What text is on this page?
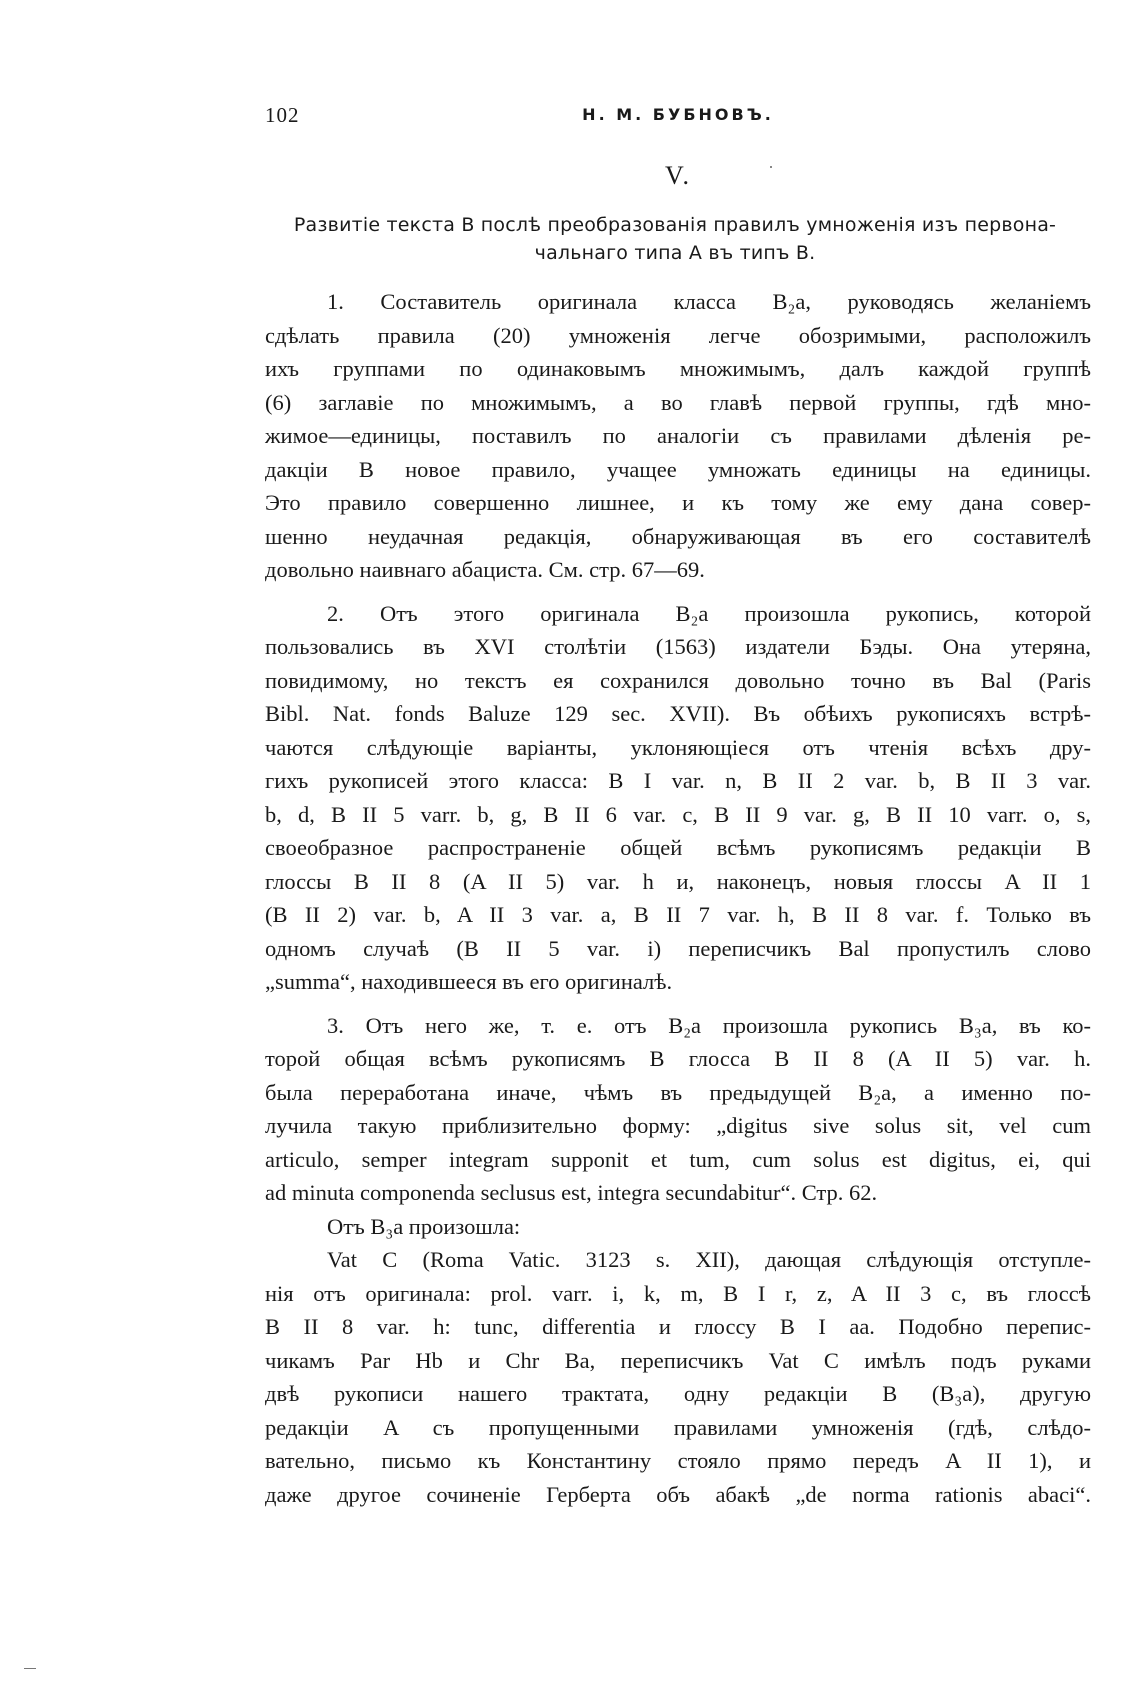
102	Н. М. БУБНОВЪ.
V.
Развитіе текста B послѣ преобразованія правилъ умноженія изъ первона-
чальнаго типа A въ типъ B.
1. Составитель оригинала класса B₂a, руководясь желаніемъ
сдѣлать правила (20) умноженія легче обозримыми, расположилъ
ихъ группами по одинаковымъ множимымъ, далъ каждой группѣ
(6) заглавіе по множимымъ, а во главѣ первой группы, гдѣ мно-
жимое—единицы, поставилъ по аналогіи съ правилами дѣленія ре-
дакціи B новое правило, учащее умножать единицы на единицы.
Это правило совершенно лишнее, и къ тому же ему дана совер-
шенно неудачная редакція, обнаруживающая въ его составителѣ
довольно наивнаго абациста. См. стр. 67—69.
2. Отъ этого оригинала B₂a произошла рукопись, которой
пользовались въ XVI столѣтіи (1563) издатели Бэды. Она утеряна,
повидимому, но текстъ ея сохранился довольно точно въ Bal (Paris
Bibl. Nat. fonds Baluze 129 sec. XVII). Въ обѣихъ рукописяхъ встрѣ-
чаются слѣдующіе варіанты, уклоняющіеся отъ чтенія всѣхъ дру-
гихъ рукописей этого класса: B I var. n, B II 2 var. b, B II 3 var.
b, d, B II 5 varr. b, g, B II 6 var. c, B II 9 var. g, B II 10 varr. o, s,
своеобразное распространеніе общей всѣмъ рукописямъ редакціи B
глоссы B II 8 (A II 5) var. h и, наконецъ, новыя глоссы A II 1
(B II 2) var. b, A II 3 var. a, B II 7 var. h, B II 8 var. f. Только въ
одномъ случаѣ (B II 5 var. i) переписчикъ Bal пропустилъ слово
„summa“, находившееся въ его оригиналѣ.
3. Отъ него же, т. е. отъ B₂a произошла рукопись B₃a, въ ко-
торой общая всѣмъ рукописямъ B глосса B II 8 (A II 5) var. h.
была переработана иначе, чѣмъ въ предыдущей B₂a, а именно по-
лучила такую приблизительно форму: „digitus sive solus sit, vel cum
articulo, semper integram supponit et tum, cum solus est digitus, ei, qui
ad minuta componenda seclusus est, integra secundabitur“. Стр. 62.
Отъ B₃a произошла:
Vat C (Roma Vatic. 3123 s. XII), дающая слѣдующія отступле-
нія отъ оригинала: prol. varr. i, k, m, B I r, z, A II 3 c, въ глоссѣ
B II 8 var. h: tunc, differentia и глоссу B I aa. Подобно перепис-
чикамъ Par Hb и Chr Ba, переписчикъ Vat C имѣлъ подъ руками
двѣ рукописи нашего трактата, одну редакціи B (B₃a), другую
редакціи A съ пропущенными правилами умноженія (гдѣ, слѣдо-
вательно, письмо къ Константину стояло прямо передъ A II 1), и
даже другое сочиненіе Герберта объ абакѣ „de norma rationis abaci“.
